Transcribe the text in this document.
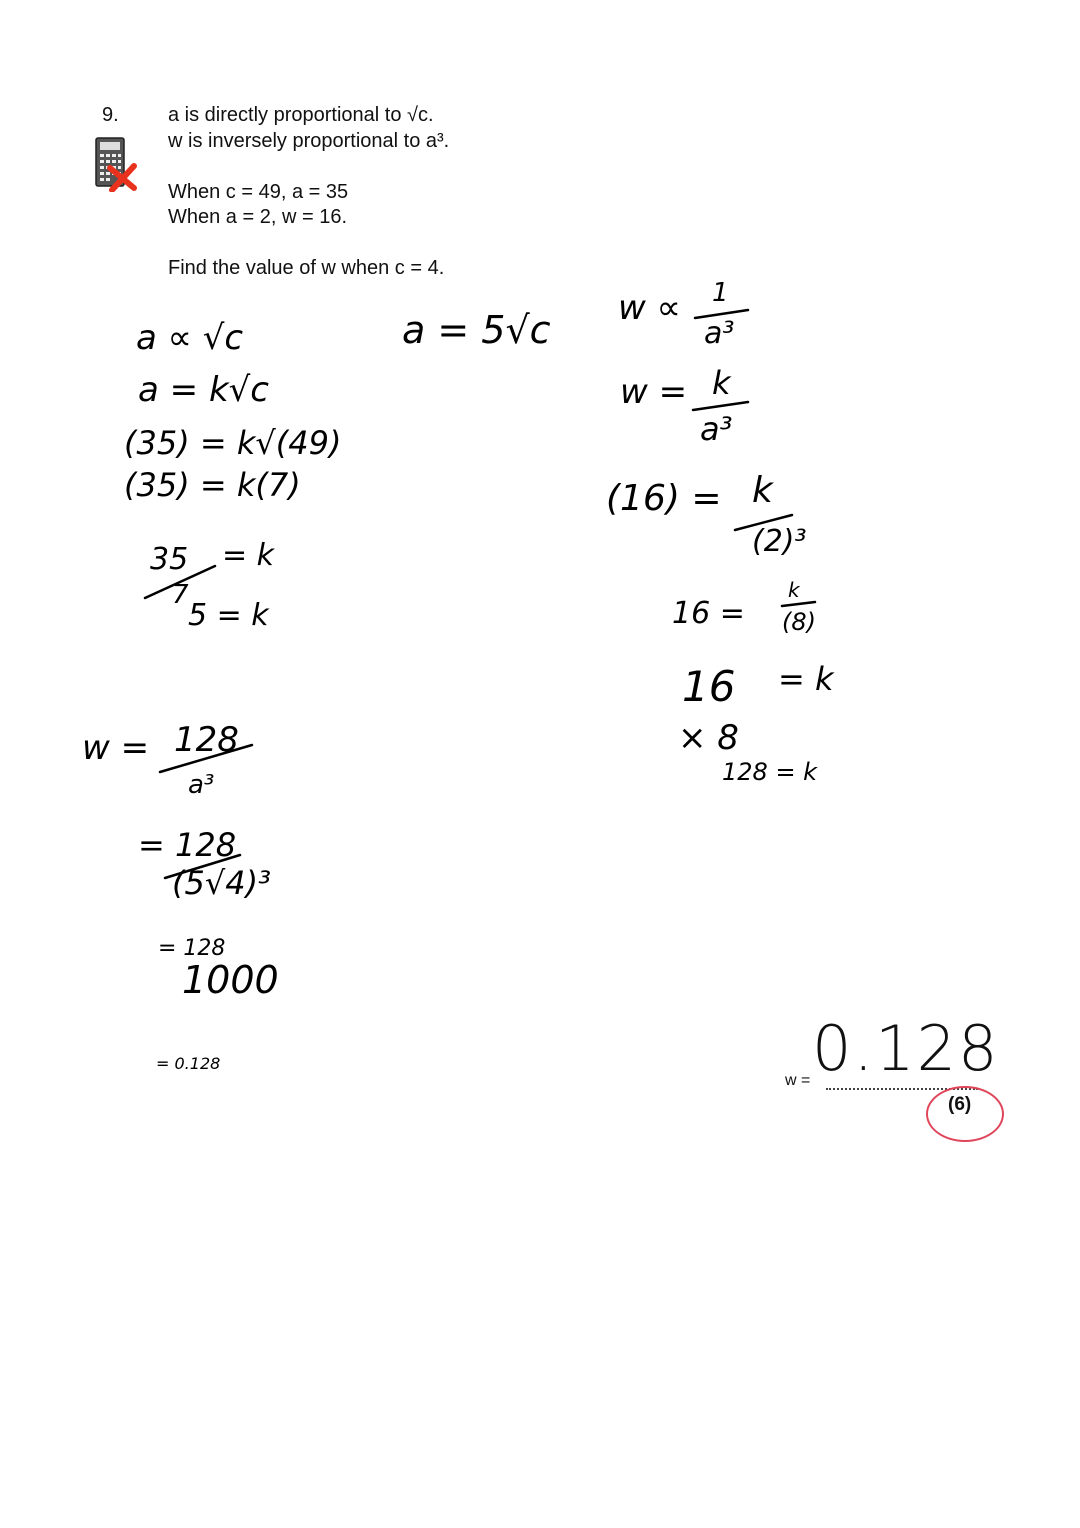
9. a is directly proportional to √c.
w is inversely proportional to a³.
When c = 49, a = 35
When a = 2, w = 16.
Find the value of w when c = 4.
a ∝ √c
a = k√c
(35) = k√(49)
(35) = k(7)
35
7
= k
5 = k
a = 5√c w ∝ 1
a³
w = k
a³
(16) = k
(2)³
16 =
k
(8)
16 = k
× 8
128 = k
w = 128
a³
= 128
(5√4)³
= 128
1000
= 0.128
w = 0.128
(6)
